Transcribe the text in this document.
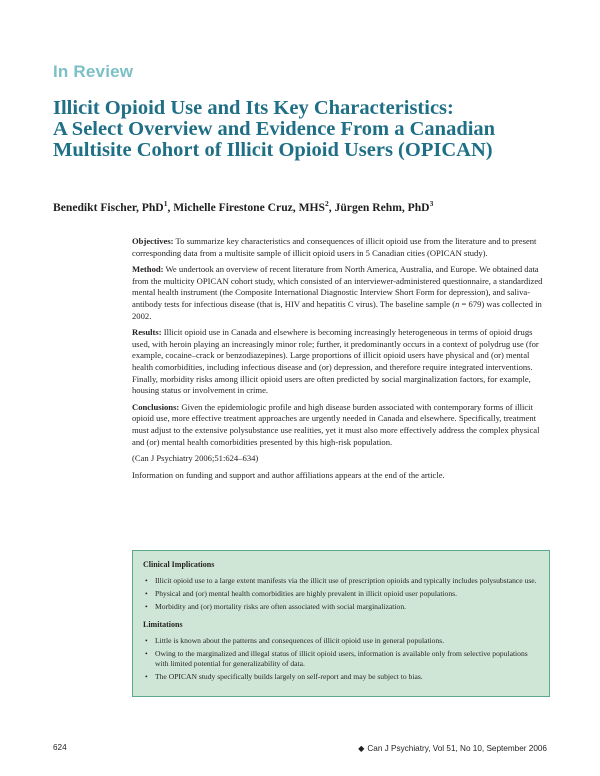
In Review
Illicit Opioid Use and Its Key Characteristics:
A Select Overview and Evidence From a Canadian
Multisite Cohort of Illicit Opioid Users (OPICAN)
Benedikt Fischer, PhD$^1$, Michelle Firestone Cruz, MHS$^2$, Jürgen Rehm, PhD$^3$

Objectives: To summarize key characteristics and consequences of illicit opioid use from the literature and to present corresponding data from a multisite sample of illicit opioid users in 5 Canadian cities (OPICAN study).

Method: We undertook an overview of recent literature from North America, Australia, and Europe. We obtained data from the multicity OPICAN cohort study, which consisted of an interviewer-administered questionnaire, a standardized mental health instrument (the Composite International Diagnostic Interview Short Form for depression), and saliva-antibody tests for infectious disease (that is, HIV and hepatitis C virus). The baseline sample (n = 679) was collected in 2002.

Results: Illicit opioid use in Canada and elsewhere is becoming increasingly heterogeneous in terms of opioid drugs used, with heroin playing an increasingly minor role; further, it predominantly occurs in a context of polydrug use (for example, cocaine–crack or benzodiazepines). Large proportions of illicit opioid users have physical and (or) mental health comorbidities, including infectious disease and (or) depression, and therefore require integrated interventions. Finally, morbidity risks among illicit opioid users are often predicted by social marginalization factors, for example, housing status or involvement in crime.

Conclusions: Given the epidemiologic profile and high disease burden associated with contemporary forms of illicit opioid use, more effective treatment approaches are urgently needed in Canada and elsewhere. Specifically, treatment must adjust to the extensive polysubstance use realities, yet it must also more effectively address the complex physical and (or) mental health comorbidities presented by this high-risk population.

(Can J Psychiatry 2006;51:624–634)

Information on funding and support and author affiliations appears at the end of the article.

Clinical Implications
• Illicit opioid use to a large extent manifests via the illicit use of prescription opioids and typically includes polysubstance use.
• Physical and (or) mental health comorbidities are highly prevalent in illicit opioid user populations.
• Morbidity and (or) mortality risks are often associated with social marginalization.
Limitations
• Little is known about the patterns and consequences of illicit opioid use in general populations.
• Owing to the marginalized and illegal status of illicit opioid users, information is available only from selective populations with limited potential for generalizability of data.
• The OPICAN study specifically builds largely on self-report and may be subject to bias.
624	◆ Can J Psychiatry, Vol 51, No 10, September 2006
